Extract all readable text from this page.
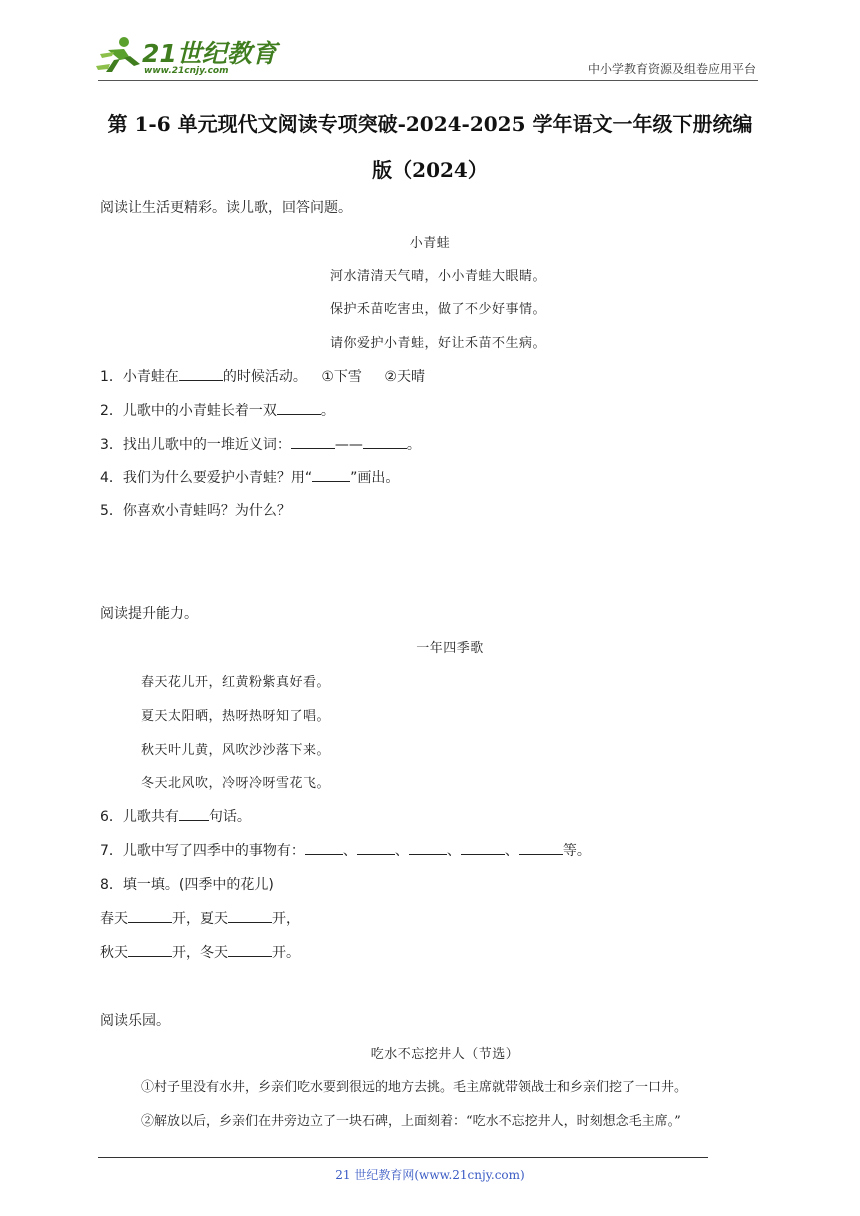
21世纪教育
www.21cnjy.com	中小学教育资源及组卷应用平台
第 1-6 单元现代文阅读专项突破-2024-2025 学年语文一年级下册统编
版（2024）
阅读让生活更精彩。读儿歌，回答问题。
小青蛙
河水清清天气晴，小小青蛙大眼睛。
保护禾苗吃害虫，做了不少好事情。
请你爱护小青蛙，好让禾苗不生病。
1．小青蛙在	的时候活动。 ①下雪 ②天晴
2．儿歌中的小青蛙长着一双	。
3．找出儿歌中的一堆近义词：	——	。
4．我们为什么要爱护小青蛙？用“	”画出。
5．你喜欢小青蛙吗？为什么？
阅读提升能力。
一年四季歌
春天花儿开，红黄粉紫真好看。
夏天太阳晒，热呀热呀知了唱。
秋天叶儿黄，风吹沙沙落下来。
冬天北风吹，冷呀冷呀雪花飞。
6．儿歌共有 句话。
7．儿歌中写了四季中的事物有：	、	、	、	、	等。
8．填一填。(四季中的花儿)
春天	开，夏天	开，
秋天	开，冬天	开。
阅读乐园。
吃水不忘挖井人（节选）
①村子里没有水井，乡亲们吃水要到很远的地方去挑。毛主席就带领战士和乡亲们挖了一口井。
②解放以后，乡亲们在井旁边立了一块石碑，上面刻着：“吃水不忘挖井人，时刻想念毛主席。”
21 世纪教育网(www.21cnjy.com)
